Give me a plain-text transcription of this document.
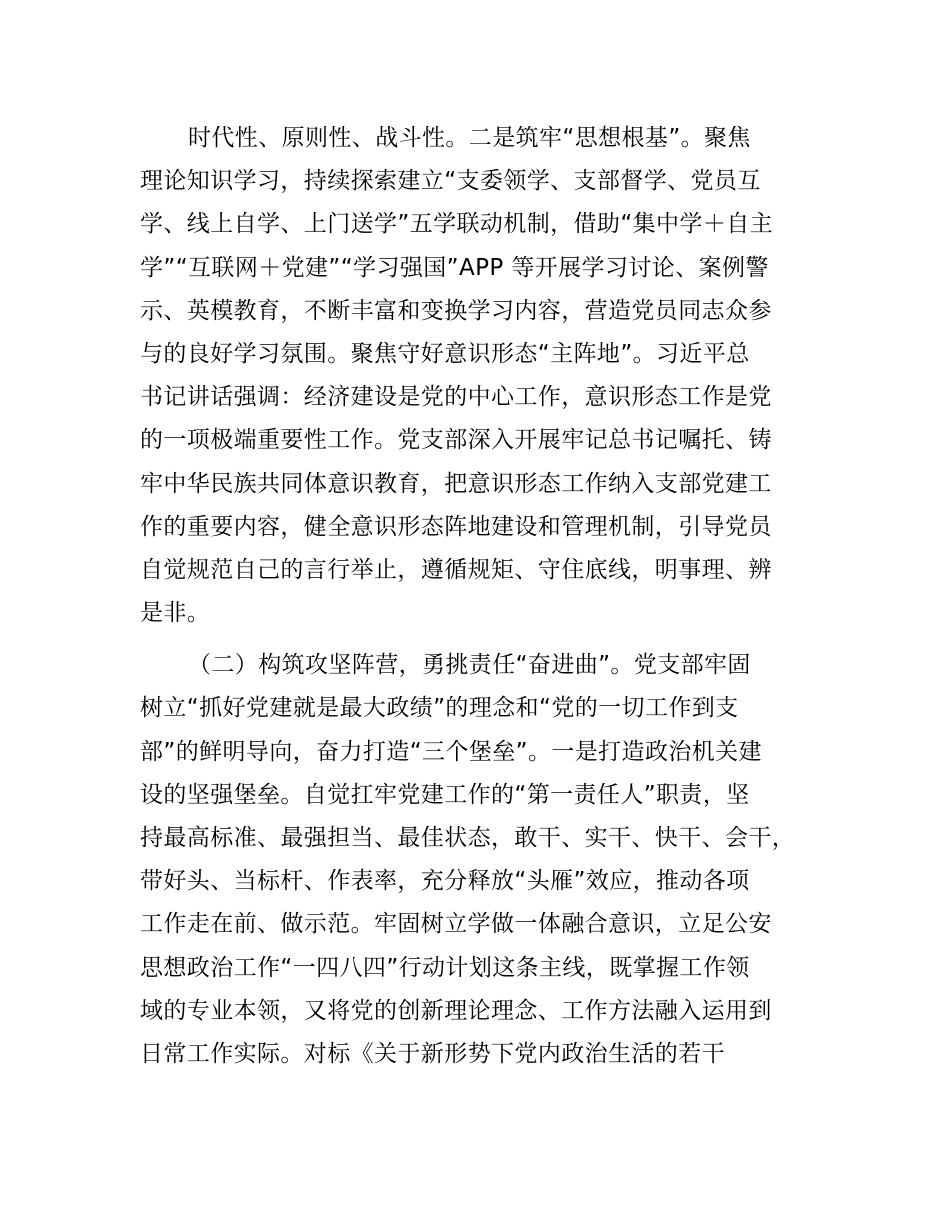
时代性、原则性、战斗性。二是筑牢“思想根基”。聚焦
理论知识学习，持续探索建立“支委领学、支部督学、党员互
学、线上自学、上门送学”五学联动机制，借助“集中学＋自主
学”“互联网＋党建”“学习强国”APP 等开展学习讨论、案例警
示、英模教育，不断丰富和变换学习内容，营造党员同志众参
与的良好学习氛围。聚焦守好意识形态“主阵地”。习近平总
书记讲话强调：经济建设是党的中心工作，意识形态工作是党
的一项极端重要性工作。党支部深入开展牢记总书记嘱托、铸
牢中华民族共同体意识教育，把意识形态工作纳入支部党建工
作的重要内容，健全意识形态阵地建设和管理机制，引导党员
自觉规范自己的言行举止，遵循规矩、守住底线，明事理、辨
是非。
（二）构筑攻坚阵营，勇挑责任“奋进曲”。党支部牢固
树立“抓好党建就是最大政绩”的理念和“党的一切工作到支
部”的鲜明导向，奋力打造“三个堡垒”。一是打造政治机关建
设的坚强堡垒。自觉扛牢党建工作的“第一责任人”职责，坚
持最高标准、最强担当、最佳状态，敢干、实干、快干、会干，
带好头、当标杆、作表率，充分释放“头雁”效应，推动各项
工作走在前、做示范。牢固树立学做一体融合意识，立足公安
思想政治工作“一四八四”行动计划这条主线，既掌握工作领
域的专业本领，又将党的创新理论理念、工作方法融入运用到
日常工作实际。对标《关于新形势下党内政治生活的若干
